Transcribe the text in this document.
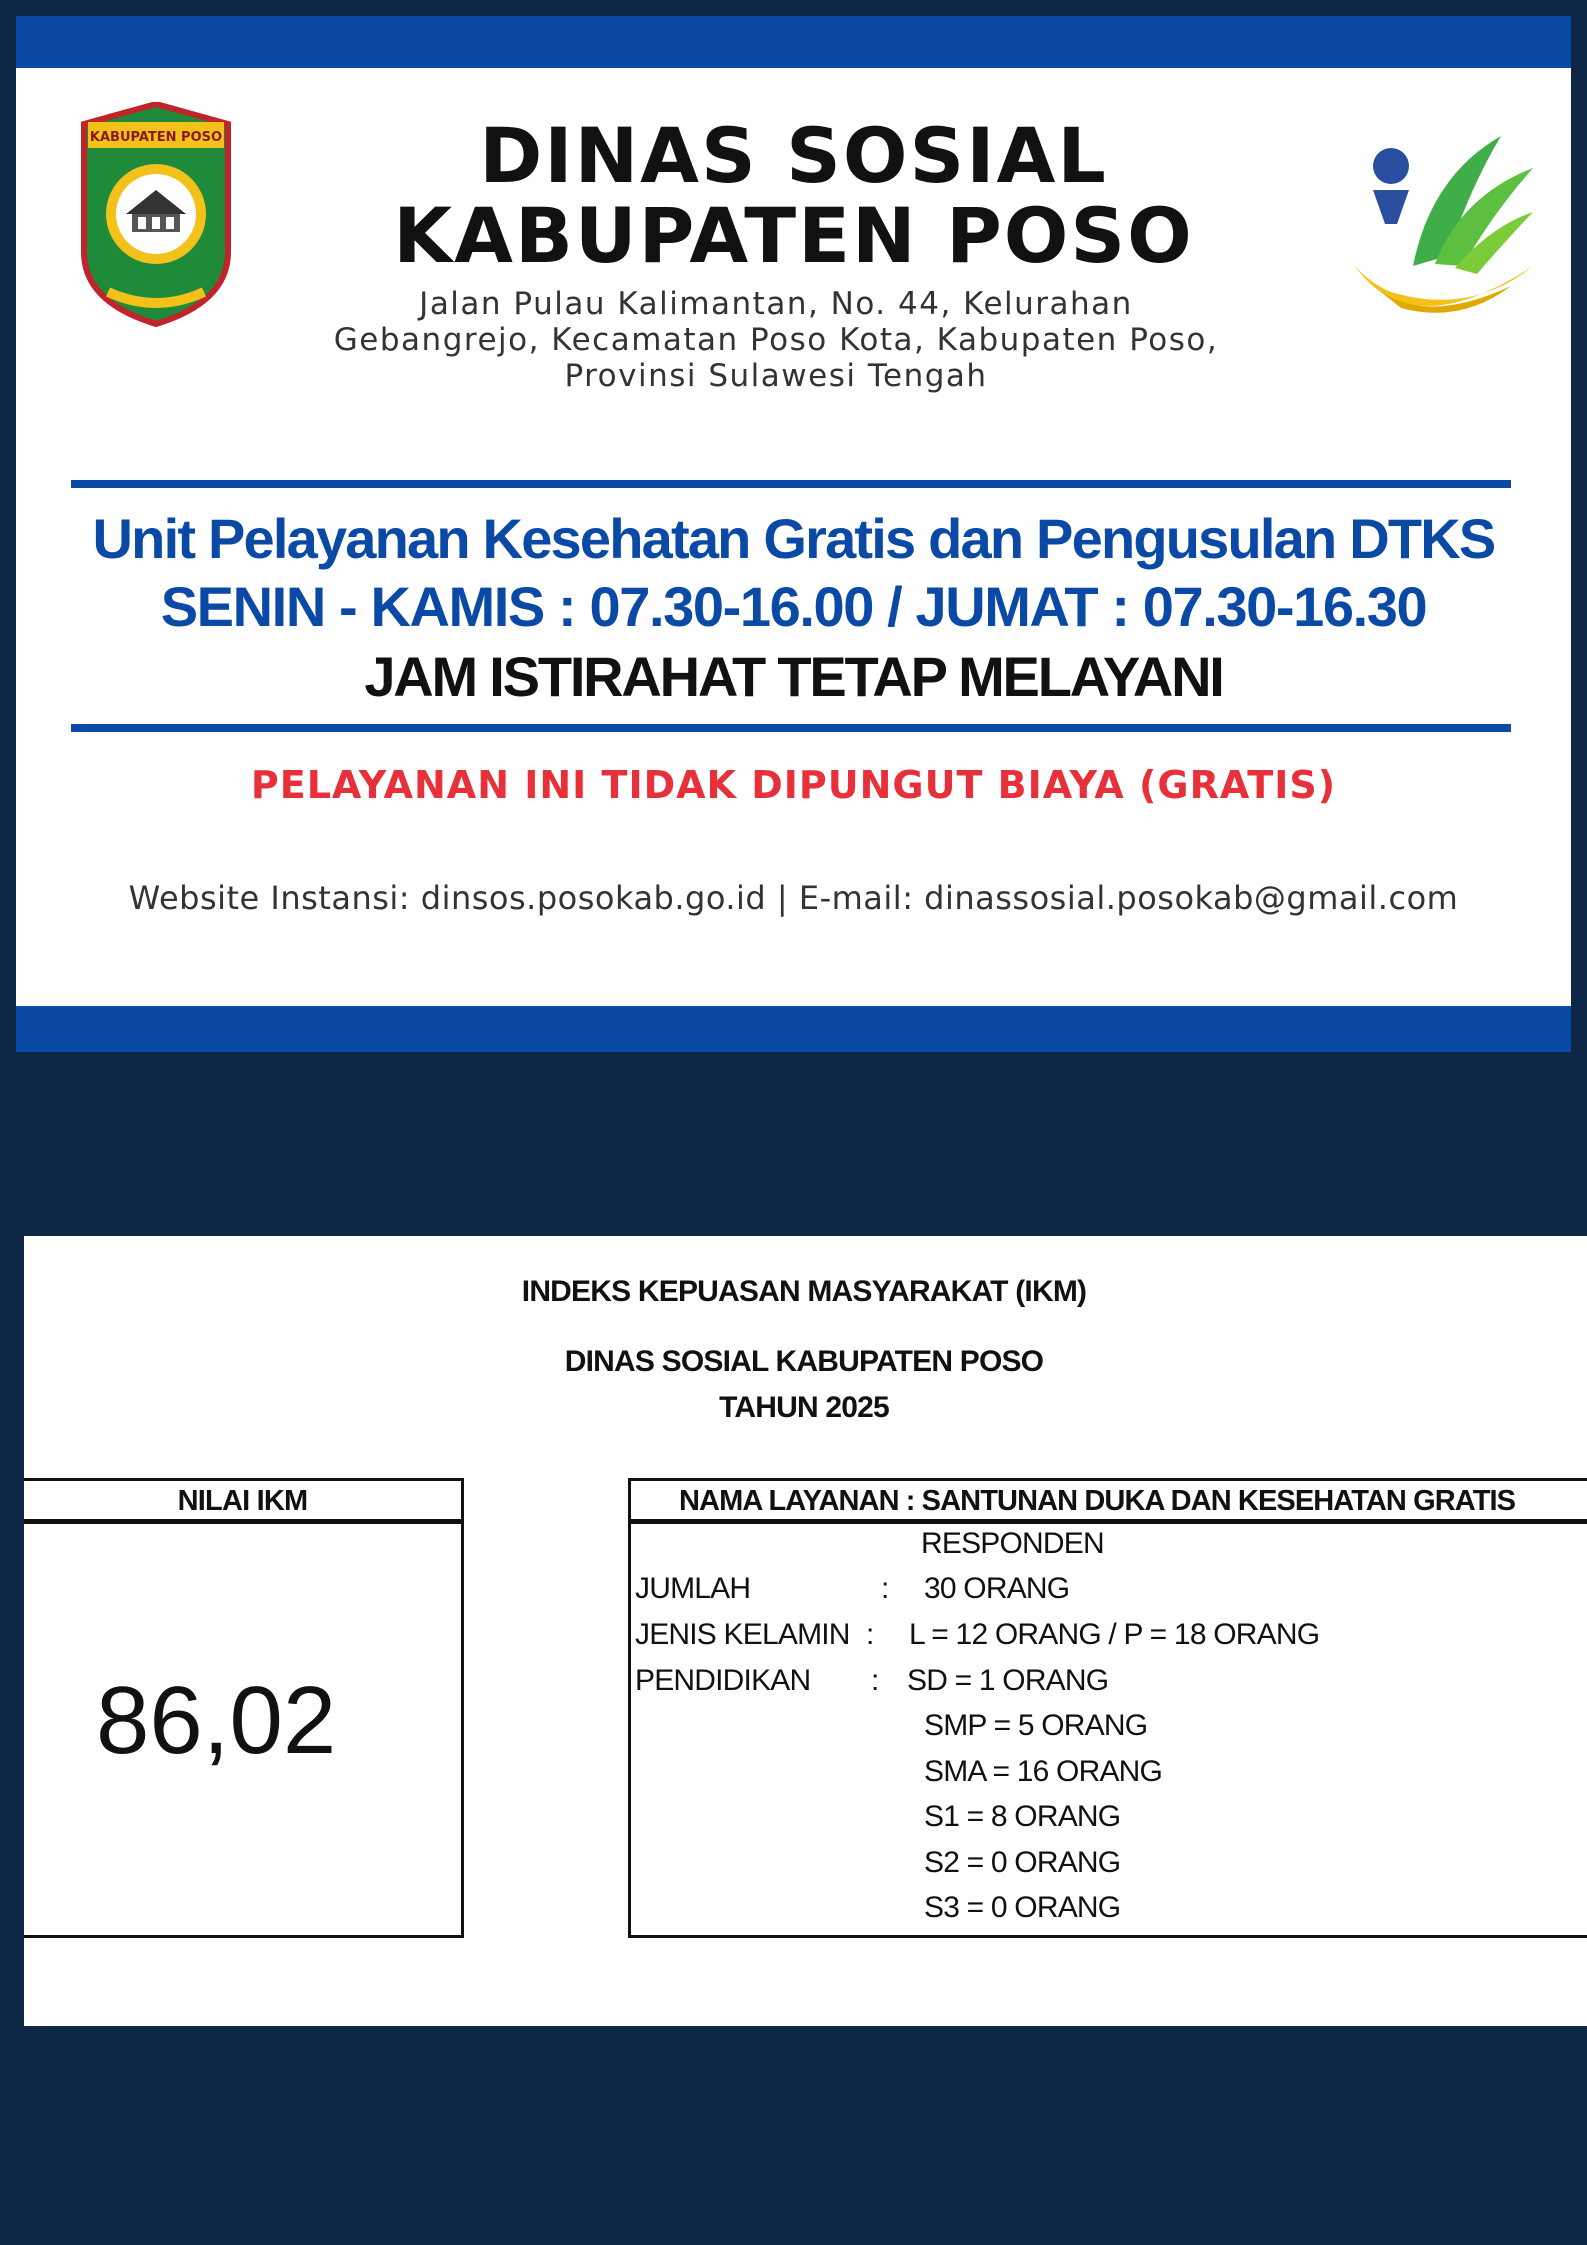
KABUPATEN POSO	DINAS SOSIAL
KABUPATEN POSO
Jalan Pulau Kalimantan, No. 44, Kelurahan
Gebangrejo, Kecamatan Poso Kota, Kabupaten Poso,
Provinsi Sulawesi Tengah
Unit Pelayanan Kesehatan Gratis dan Pengusulan DTKS
SENIN - KAMIS : 07.30-16.00 / JUMAT : 07.30-16.30
JAM ISTIRAHAT TETAP MELAYANI
PELAYANAN INI TIDAK DIPUNGUT BIAYA (GRATIS)
Website Instansi: dinsos.posokab.go.id | E-mail: dinassosial.posokab@gmail.com
INDEKS KEPUASAN MASYARAKAT (IKM)
DINAS SOSIAL KABUPATEN POSO
TAHUN 2025
NILAI IKM
86,02
NAMA LAYANAN : SANTUNAN DUKA DAN KESEHATAN GRATIS
RESPONDEN
JUMLAH	: 30 ORANG
JENIS KELAMIN : L = 12 ORANG / P = 18 ORANG
PENDIDIKAN : SD = 1 ORANG
SMP = 5 ORANG
SMA = 16 ORANG
S1 = 8 ORANG
S2 = 0 ORANG
S3 = 0 ORANG
